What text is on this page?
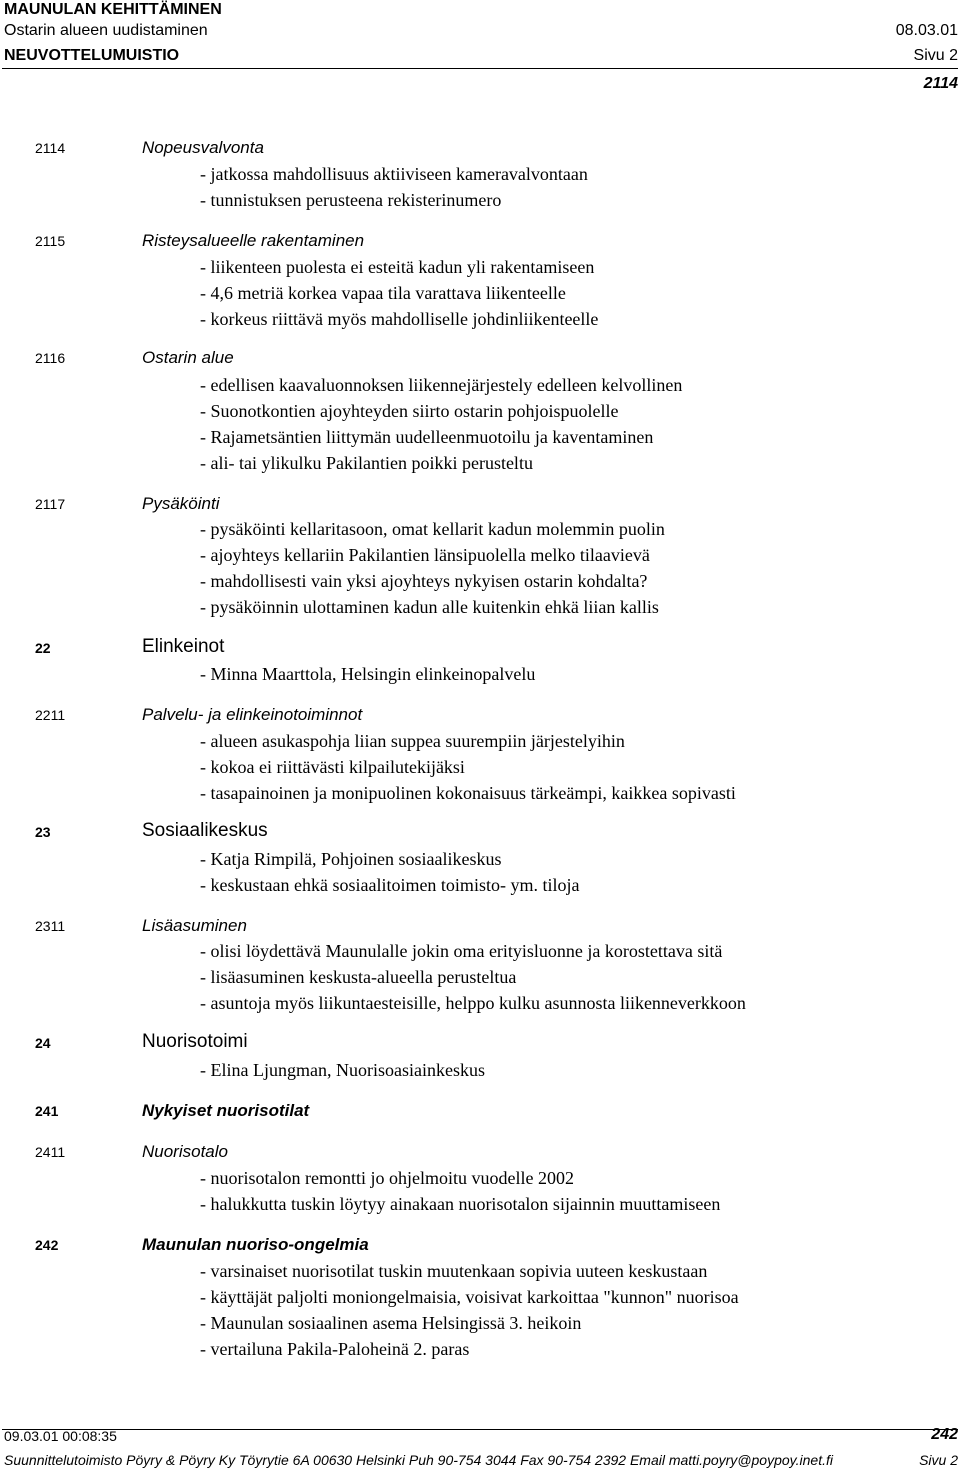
MAUNULAN KEHITTÄMINEN
Ostarin alueen uudistaminen	08.03.01
NEUVOTTELUMUISTIO	Sivu 2
2114
2114	Nopeusvalvonta
- jatkossa mahdollisuus aktiiviseen kameravalvontaan
- tunnistuksen perusteena rekisterinumero
2115	Risteysalueelle rakentaminen
- liikenteen puolesta ei esteitä kadun yli rakentamiseen
- 4,6 metriä korkea vapaa tila varattava liikenteelle
- korkeus riittävä myös mahdolliselle johdinliikenteelle
2116	Ostarin alue
- edellisen kaavaluonnoksen liikennejärjestely edelleen kelvollinen
- Suonotkontien ajoyhteyden siirto ostarin pohjoispuolelle
- Rajametsäntien liittymän uudelleenmuotoilu ja kaventaminen
- ali- tai ylikulku Pakilantien poikki perusteltu
2117	Pysäköinti
- pysäköinti kellaritasoon, omat kellarit kadun molemmin puolin
- ajoyhteys kellariin Pakilantien länsipuolella melko tilaavievä
- mahdollisesti vain yksi ajoyhteys nykyisen ostarin kohdalta?
- pysäköinnin ulottaminen kadun alle kuitenkin ehkä liian kallis
22	Elinkeinot
- Minna Maarttola, Helsingin elinkeinopalvelu
2211	Palvelu- ja elinkeinotoiminnot
- alueen asukaspohja liian suppea suurempiin järjestelyihin
- kokoa ei riittävästi kilpailutekijäksi
- tasapainoinen ja monipuolinen kokonaisuus tärkeämpi, kaikkea sopivasti
23	Sosiaalikeskus
- Katja Rimpilä, Pohjoinen sosiaalikeskus
- keskustaan ehkä sosiaalitoimen toimisto- ym. tiloja
2311	Lisäasuminen
- olisi löydettävä Maunulalle jokin oma erityisluonne ja korostettava sitä
- lisäasuminen keskusta-alueella perusteltua
- asuntoja myös liikuntaesteisille, helppo kulku asunnosta liikenneverkkoon
24	Nuorisotoimi
- Elina Ljungman, Nuorisoasiainkeskus
241	Nykyiset nuorisotilat
2411	Nuorisotalo
- nuorisotalon remontti jo ohjelmoitu vuodelle 2002
- halukkutta tuskin löytyy ainakaan nuorisotalon sijainnin muuttamiseen
242	Maunulan nuoriso-ongelmia
- varsinaiset nuorisotilat tuskin muutenkaan sopivia uuteen keskustaan
- käyttäjät paljolti moniongelmaisia, voisivat karkoittaa "kunnon" nuorisoa
- Maunulan sosiaalinen asema Helsingissä 3. heikoin
- vertailuna Pakila-Paloheinä 2. paras
09.03.01 00:08:35	242
Suunnittelutoimisto Pöyry & Pöyry Ky Töyrytie 6A 00630 Helsinki Puh 90-754 3044 Fax 90-754 2392 Email matti.poyry@poypoy.inet.fi	Sivu 2
